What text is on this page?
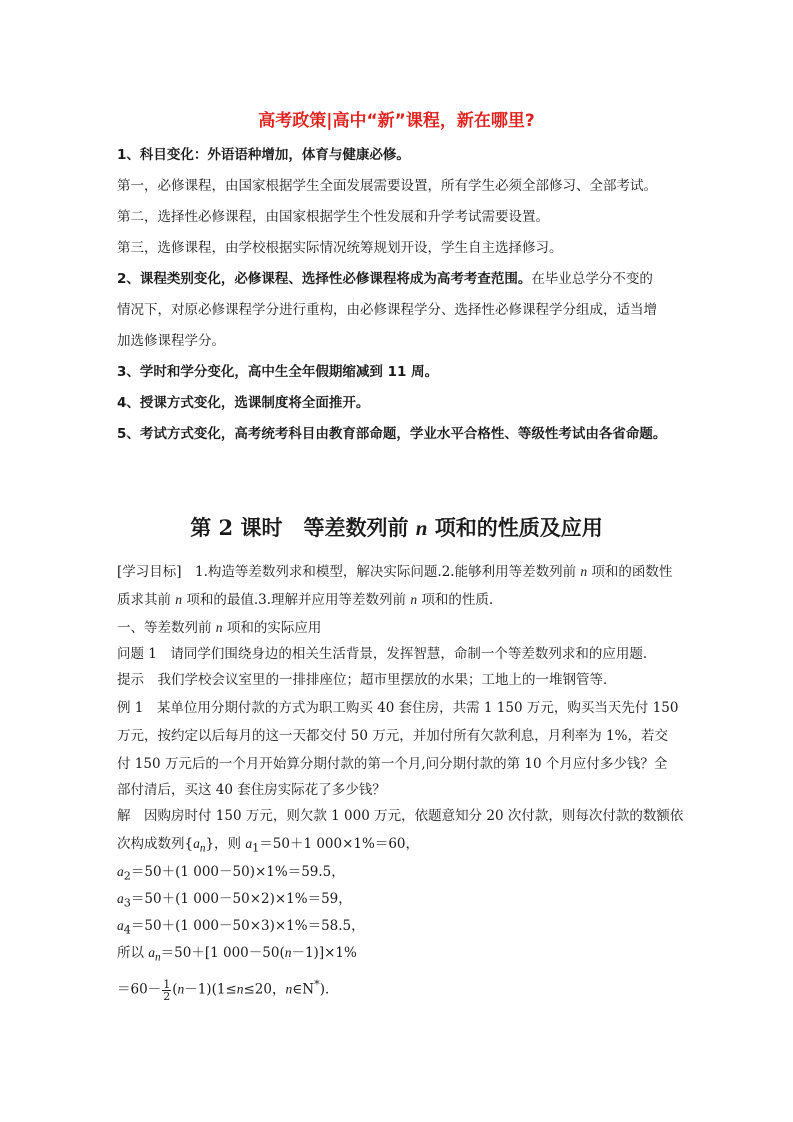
高考政策|高中“新”课程，新在哪里?
1、科目变化：外语语种增加，体育与健康必修。
第一，必修课程，由国家根据学生全面发展需要设置，所有学生必须全部修习、全部考试。
第二，选择性必修课程，由国家根据学生个性发展和升学考试需要设置。
第三，选修课程，由学校根据实际情况统筹规划开设，学生自主选择修习。
2、课程类别变化，必修课程、选择性必修课程将成为高考考查范围。在毕业总学分不变的
情况下，对原必修课程学分进行重构，由必修课程学分、选择性必修课程学分组成，适当增
加选修课程学分。
3、学时和学分变化，高中生全年假期缩减到 11 周。
4、授课方式变化，选课制度将全面推开。
5、考试方式变化，高考统考科目由教育部命题，学业水平合格性、等级性考试由各省命题。
第 2 课时　等差数列前 n 项和的性质及应用
[学习目标]　1.构造等差数列求和模型，解决实际问题.2.能够利用等差数列前 n 项和的函数性
质求其前 n 项和的最值.3.理解并应用等差数列前 n 项和的性质.
一、等差数列前 n 项和的实际应用
问题 1　请同学们围绕身边的相关生活背景，发挥智慧，命制一个等差数列求和的应用题．
提示　我们学校会议室里的一排排座位；超市里摆放的水果；工地上的一堆钢管等．
例 1　某单位用分期付款的方式为职工购买 40 套住房，共需 1 150 万元，购买当天先付 150
万元，按约定以后每月的这一天都交付 50 万元，并加付所有欠款利息，月利率为 1%，若交
付 150 万元后的一个月开始算分期付款的第一个月,问分期付款的第 10 个月应付多少钱？全
部付清后，买这 40 套住房实际花了多少钱？
解　因购房时付 150 万元，则欠款 1 000 万元，依题意知分 20 次付款，则每次付款的数额依
次构成数列$\{a_n\}$，则 $a_1=50+1$ 000×1%＝60，
$a_2=50+(1$ 000－50)×1%＝59.5，
$a_3=50+(1$ 000－50×2)×1%＝59，
$a_4=50+(1$ 000－50×3)×1%＝58.5，
所以 $a_n=50+[1$ 000－50(n－1)]×1%
$=60- \frac{1}{2} (n-1)(1\le n\le 20$，n∈N*)．
